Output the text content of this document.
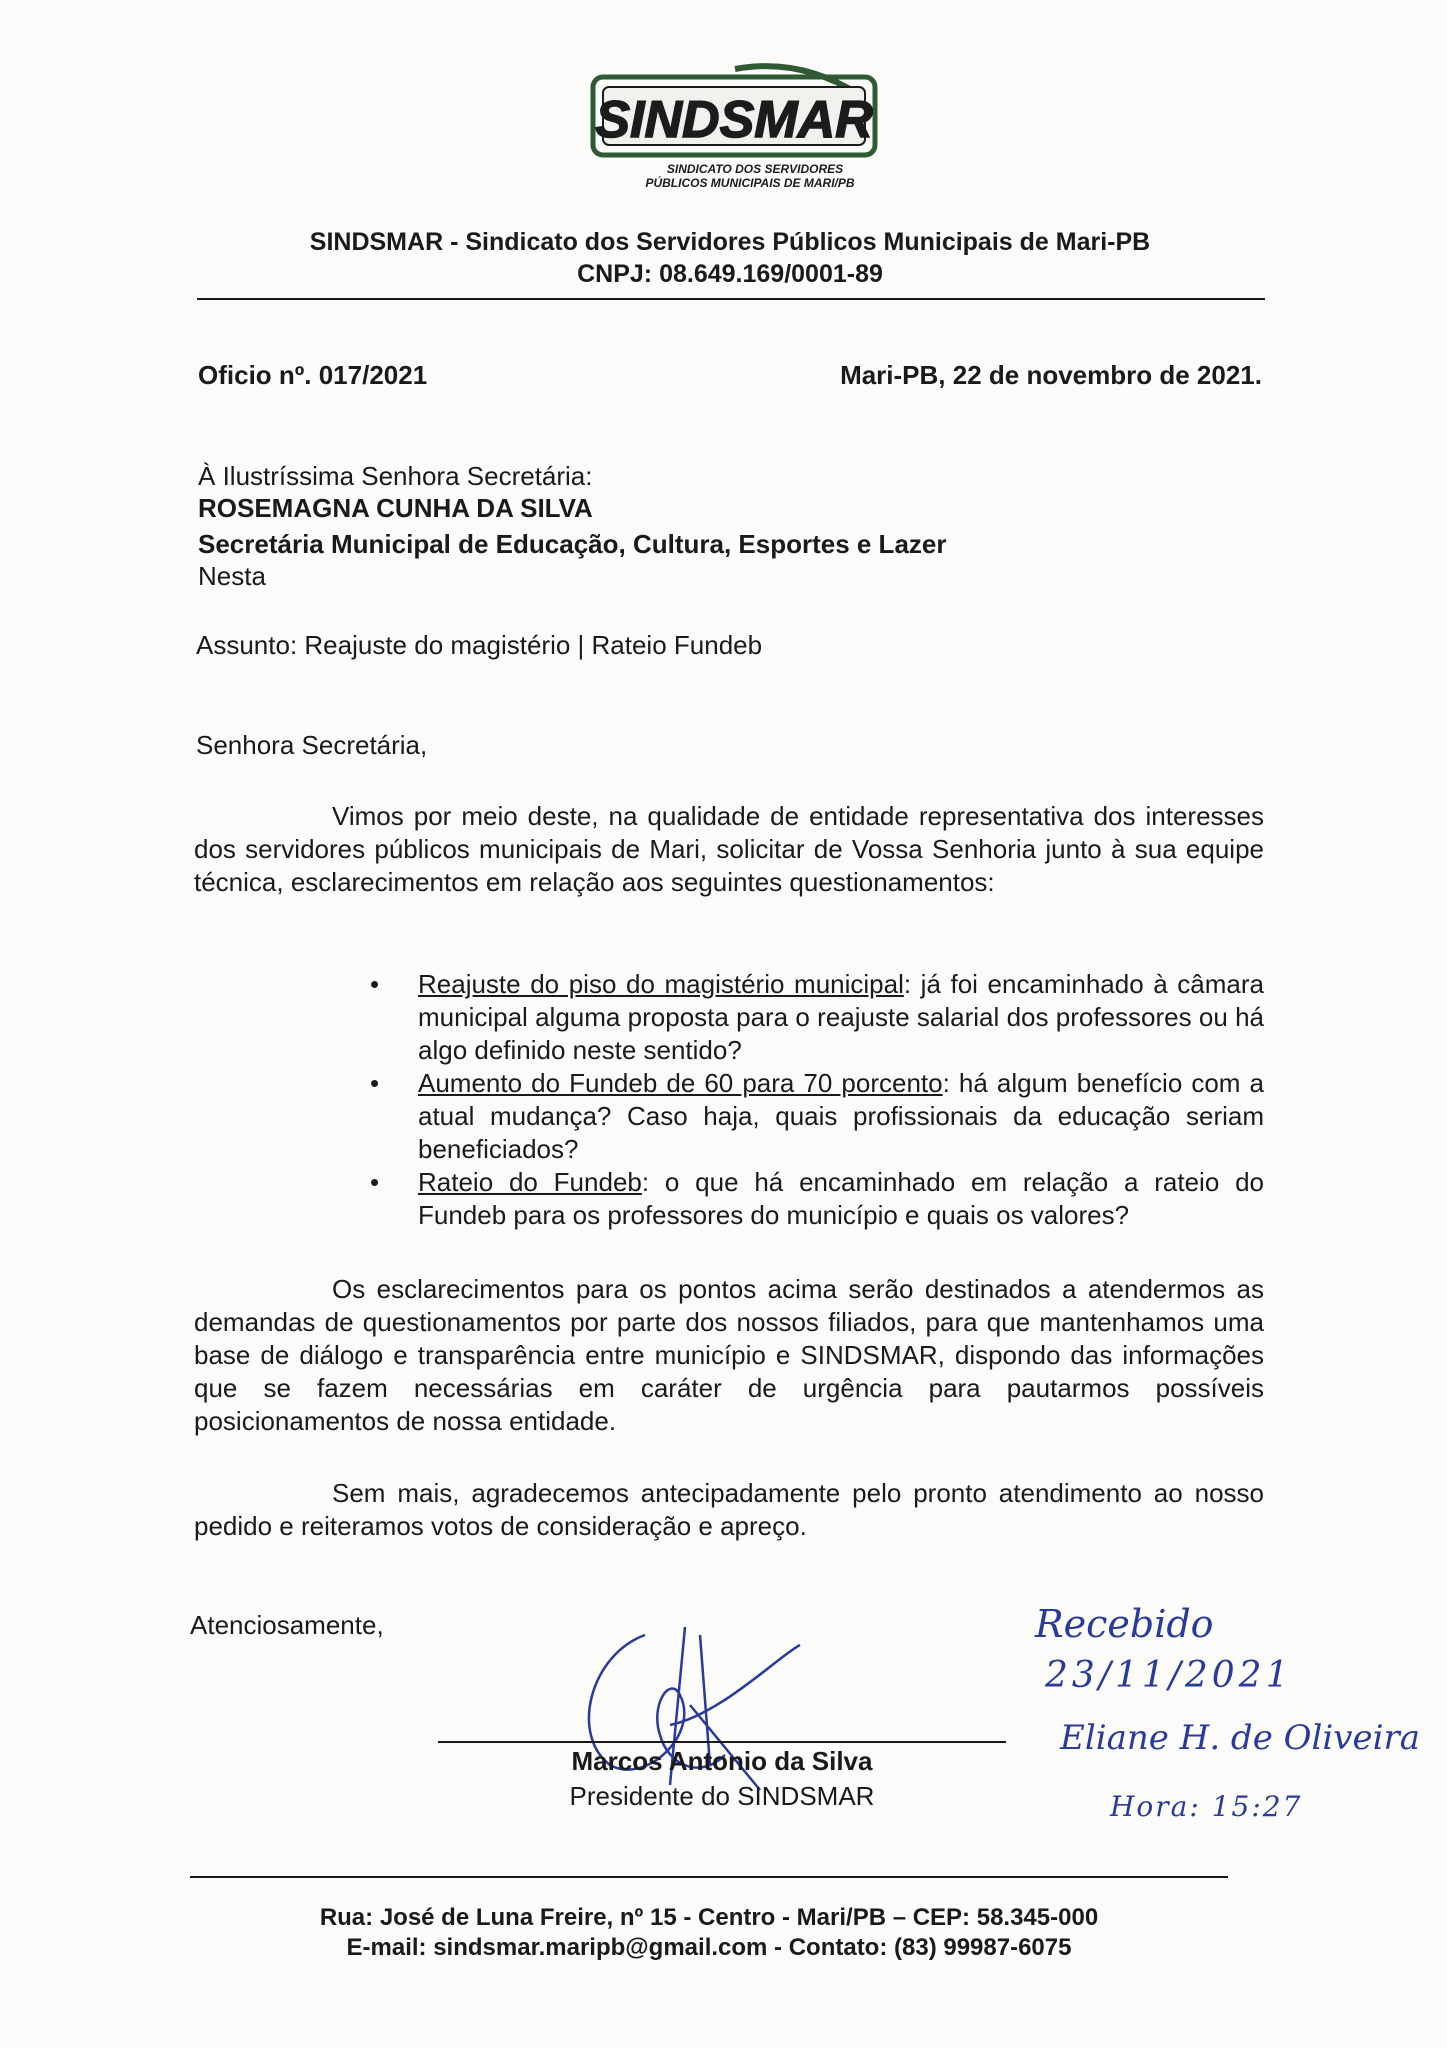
SINDSMAR
SINDICATO DOS SERVIDORES
PÚBLICOS MUNICIPAIS DE MARI/PB
SINDSMAR - Sindicato dos Servidores Públicos Municipais de Mari-PB
CNPJ: 08.649.169/0001-89
Oficio nº. 017/2021	Mari-PB, 22 de novembro de 2021.
À Ilustríssima Senhora Secretária:
ROSEMAGNA CUNHA DA SILVA
Secretária Municipal de Educação, Cultura, Esportes e Lazer
Nesta
Assunto: Reajuste do magistério | Rateio Fundeb
Senhora Secretária,

Vimos por meio deste, na qualidade de entidade representativa dos interesses dos servidores públicos municipais de Mari, solicitar de Vossa Senhoria junto à sua equipe técnica, esclarecimentos em relação aos seguintes questionamentos:

• Reajuste do piso do magistério municipal: já foi encaminhado à câmara municipal alguma proposta para o reajuste salarial dos professores ou há algo definido neste sentido?
• Aumento do Fundeb de 60 para 70 porcento: há algum benefício com a atual mudança? Caso haja, quais profissionais da educação seriam beneficiados?
• Rateio do Fundeb: o que há encaminhado em relação a rateio do Fundeb para os professores do município e quais os valores?

Os esclarecimentos para os pontos acima serão destinados a atendermos as demandas de questionamentos por parte dos nossos filiados, para que mantenhamos uma base de diálogo e transparência entre município e SINDSMAR, dispondo das informações que se fazem necessárias em caráter de urgência para pautarmos possíveis posicionamentos de nossa entidade.

Sem mais, agradecemos antecipadamente pelo pronto atendimento ao nosso pedido e reiteramos votos de consideração e apreço.

Atenciosamente,
Marcos Antonio da Silva
Presidente do SINDSMAR
Recebido
23/11/2021
Eliane H. de Oliveira
Hora: 15:27
Rua: José de Luna Freire, nº 15 - Centro - Mari/PB – CEP: 58.345-000
E-mail: sindsmar.maripb@gmail.com - Contato: (83) 99987-6075
